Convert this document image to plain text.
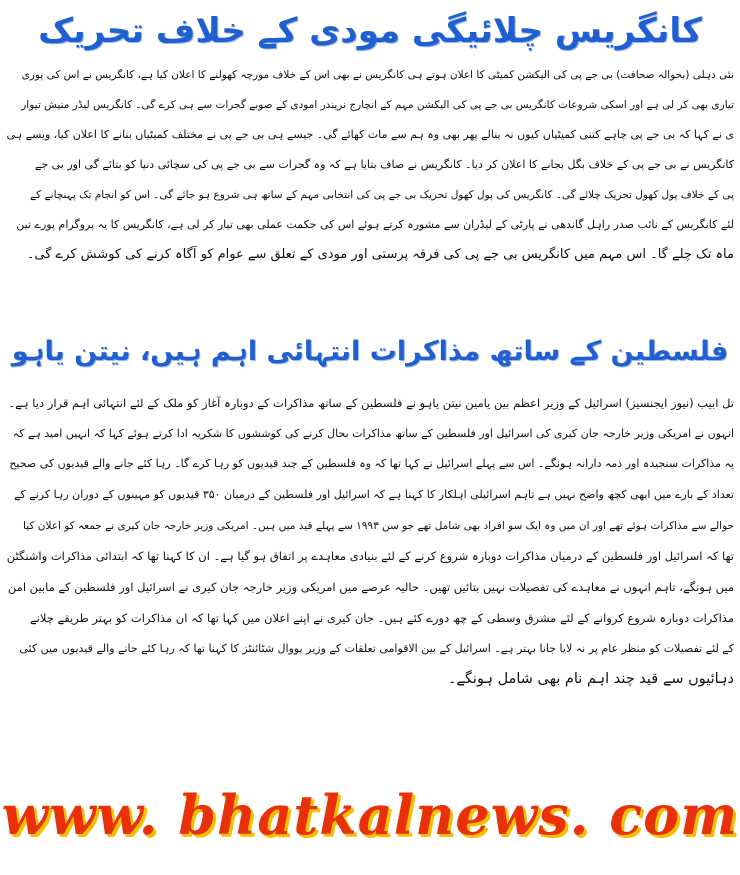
کانگریس چلائیگی مودی کے خلاف تحریک
نئی دہلی (بحوالہ صحافت) بی جے پی کی الیکشن کمیٹی کا اعلان ہوتے ہی کانگریس نے بھی اس کے خلاف مورچہ کھولنے کا اعلان کیا ہے، کانگریس نے اس کی پوری
تیاری بھی کر لی ہے اور اسکی شروعات کانگریس بی جے پی کی الیکشن مہم کے انچارج نریندر امودی کے صوبے گجرات سے ہی کرے گی۔ کانگریس لیڈر منیش تیوار
ی نے کہا کہ بی جے پی چاہے کتنی کمیٹیاں کیوں نہ بنالے پھر بھی وہ ہم سے مات کھائے گی۔ جیسے ہی بی جے پی نے مختلف کمیٹیاں بنانے کا اعلان کیا، ویسے ہی
کانگریس نے بی جے پی کے خلاف بگل بجانے کا اعلان کر دیا۔ کانگریس نے صاف بتایا ہے کہ وہ گجرات سے بی جے پی کی سچائی دنیا کو بتائے گی اور بی جے
پی کے خلاف پول کھول تحریک چلائے گی۔ کانگریس کی پول کھول تحریک بی جے پی کی انتخابی مہم کے ساتھ ہی شروع ہو جائے گی۔ اس کو انجام تک پہنچانے کے
لئے کانگریس کے نائب صدر راہل گاندھی نے پارٹی کے لیڈران سے مشورہ کرتے ہوئے اس کی حکمت عملی بھی تیار کر لی ہے، کانگریس کا یہ پروگرام پورے تین
ماہ تک چلے گا۔ اس مہم میں کانگریس بی جے پی کی فرقہ پرستی اور مودی کے تعلق سے عوام کو آگاہ کرنے کی کوشش کرے گی۔
فلسطین کے ساتھ مذاکرات انتہائی اہم ہیں، نیتن یاہو
تل ابیب (نیوز ایجنسیز) اسرائیل کے وزیر اعظم بین یامین نیتن یاہو نے فلسطین کے ساتھ مذاکرات کے دوبارہ آغاز کو ملک کے لئے انتہائی اہم قرار دیا ہے۔
انہوں نے امریکی وزیر خارجہ جان کیری کی اسرائیل اور فلسطین کے ساتھ مذاکرات بحال کرنے کی کوششوں کا شکریہ ادا کرتے ہوئے کہا کہ انہیں امید ہے کہ
یہ مذاکرات سنجیدہ اور ذمہ دارانہ ہونگے۔ اس سے پہلے اسرائیل نے کہا تھا کہ وہ فلسطین کے چند قیدیوں کو رہا کرے گا۔ رہا کئے جانے والے قیدیوں کی صحیح
تعداد کے بارے میں ابھی کچھ واضح نہیں ہے تاہم اسرائیلی اہلکار کا کہنا ہے کہ اسرائیل اور فلسطین کے درمیان ۳۵۰ قیدیوں کو مہینوں کے دوران رہا کرنے کے
حوالے سے مذاکرات ہوئے تھے اور ان میں وہ ایک سو افراد بھی شامل تھے جو سن ۱۹۹۳ سے پہلے قید میں ہیں۔ امریکی وزیر خارجہ جان کیری نے جمعہ کو اعلان کیا
تھا کہ اسرائیل اور فلسطین کے درمیان مذاکرات دوبارہ شروع کرنے کے لئے بنیادی معاہدے پر اتفاق ہو گیا ہے۔ ان کا کہنا تھا کہ ابتدائی مذاکرات واشنگٹن
میں ہونگے، تاہم انہوں نے معاہدے کی تفصیلات نہیں بتائیں تھیں۔ حالیہ عرصے میں امریکی وزیر خارجہ جان کیری نے اسرائیل اور فلسطین کے مابین امن
مذاکرات دوبارہ شروع کروانے کے لئے مشرق وسطی کے چھ دورے کئے ہیں۔ جان کیری نے اپنے اعلان میں کہا تھا کہ ان مذاکرات کو بہتر طریقے چلانے
کے لئے تفصیلات کو منظر عام پر نہ لایا جانا بہتر ہے۔ اسرائیل کے بین الاقوامی تعلقات کے وزیر یووال شٹائنٹز کا کہنا تھا کہ رہا کئے جانے والے قیدیوں میں کئی
دہائیوں سے قید چند اہم نام بھی شامل ہونگے۔
www. bhatkalnews. com
